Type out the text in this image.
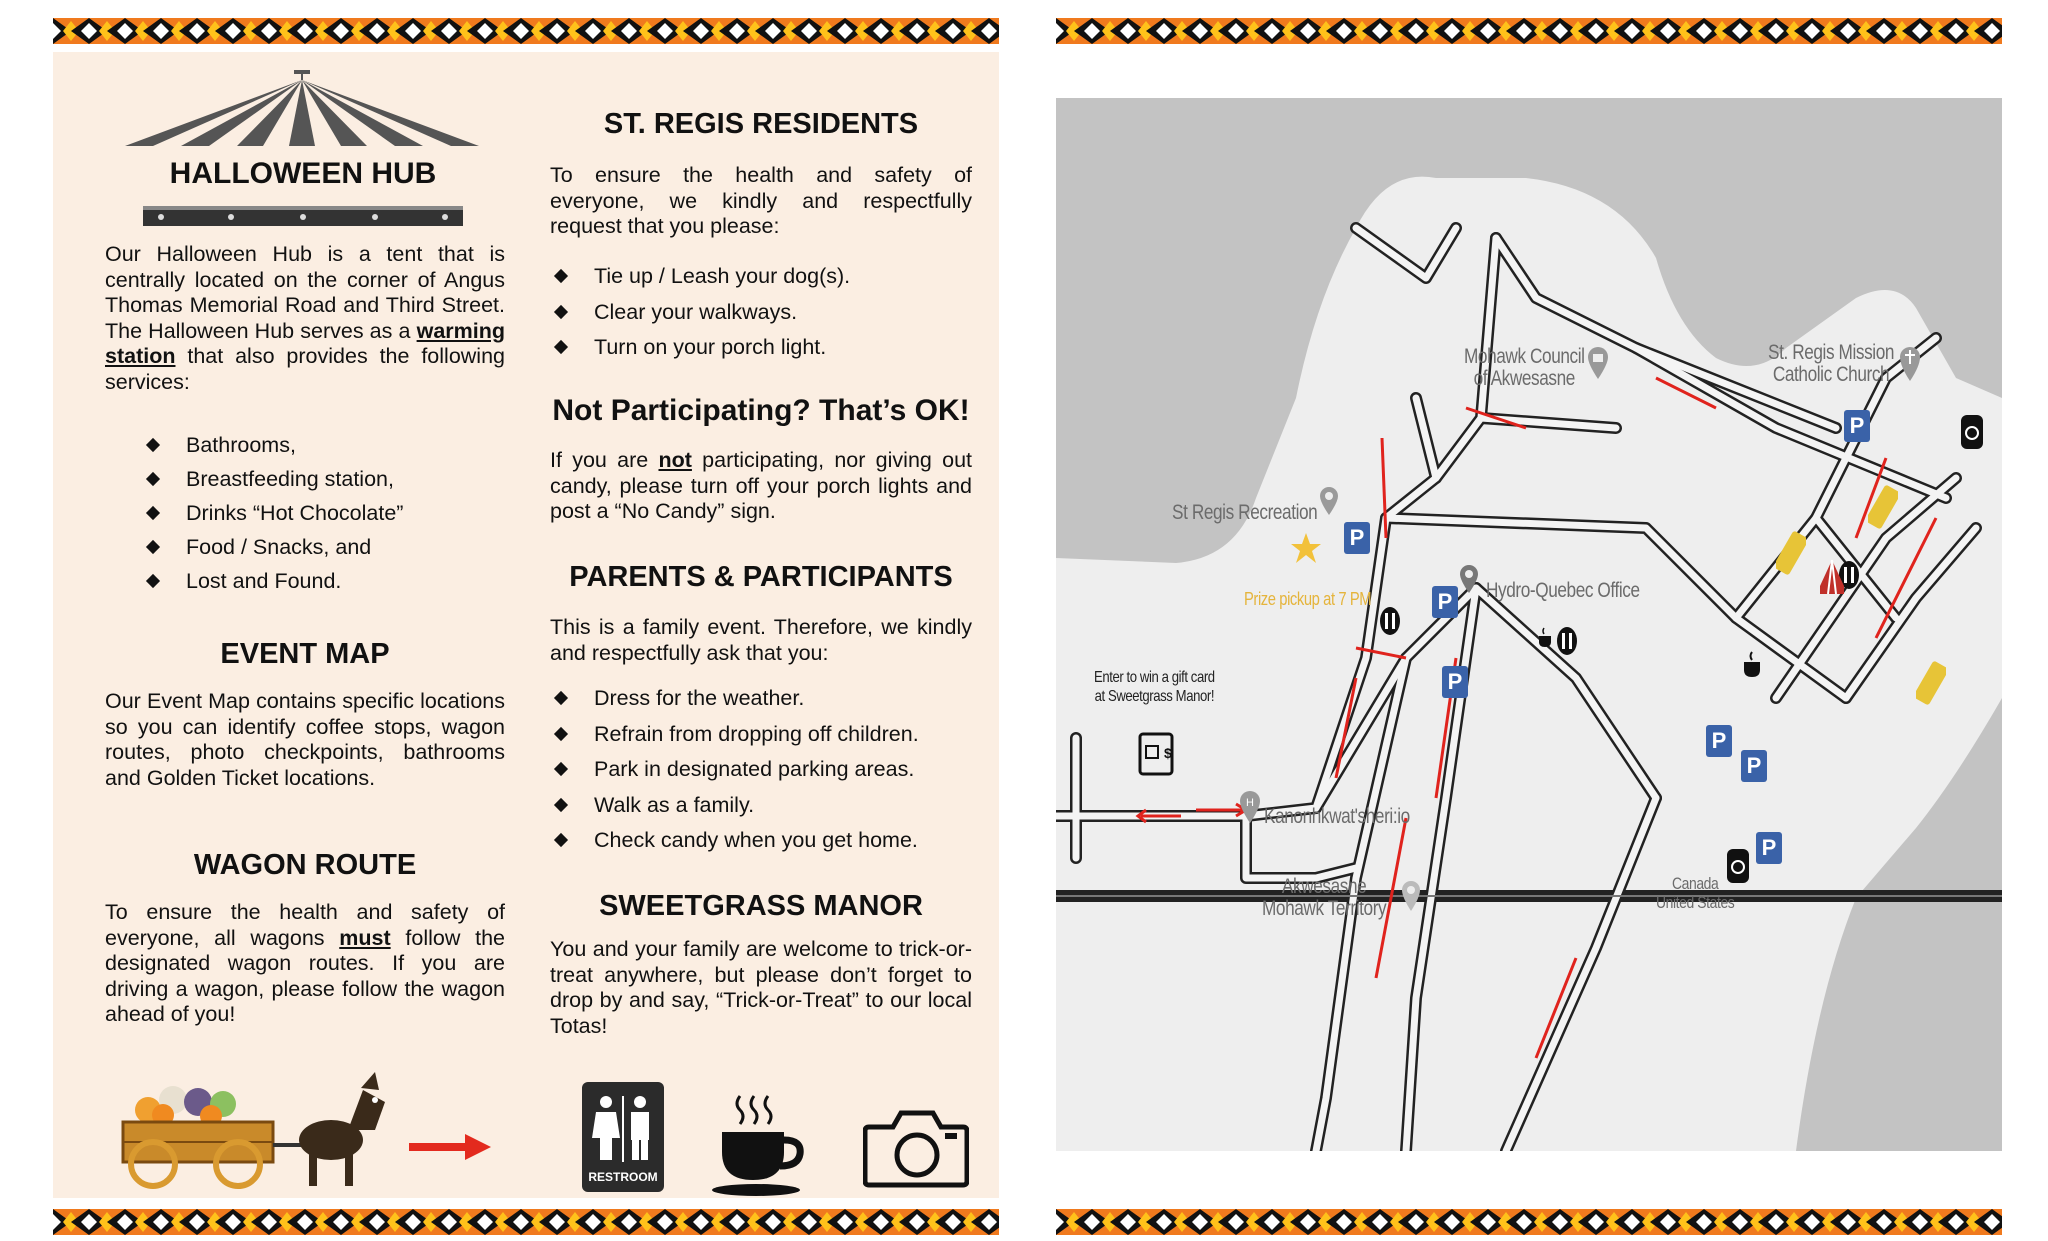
HALLOWEEN HUB

Our Halloween Hub is a tent that is centrally located on the corner of Angus Thomas Memorial Road and Third Street. The Halloween Hub serves as a warming station that also provides the following services:

Bathrooms,
Breastfeeding station,
Drinks “Hot Chocolate”
Food / Snacks, and
Lost and Found.
EVENT MAP

Our Event Map contains specific locations so you can identify coffee stops, wagon routes, photo checkpoints, bathrooms and Golden Ticket locations.

WAGON ROUTE

To ensure the health and safety of everyone, all wagons must follow the designated wagon routes. If you are driving a wagon, please follow the wagon ahead of you!

ST. REGIS RESIDENTS

To ensure the health and safety of everyone, we kindly and respectfully request that you please:

Tie up / Leash your dog(s).
Clear your walkways.
Turn on your porch light.
Not Participating? That’s OK!

If you are not participating, nor giving out candy, please turn off your porch lights and post a “No Candy” sign.

PARENTS & PARTICIPANTS

This is a family event. Therefore, we kindly and respectfully ask that you:

Dress for the weather.
Refrain from dropping off children.
Park in designated parking areas.
Walk as a family.
Check candy when you get home.
SWEETGRASS MANOR

You and your family are welcome to trick-or-treat anywhere, but please don’t forget to drop by and say, “Trick-or-Treat” to our local Totas!

RESTROOM
P
P
P
P
P
P
P
H
$
Mohawk Council
of Akwesasne
St. Regis Mission
Catholic Church
St Regis Recreation
Prize pickup at 7 PM	Hydro-Quebec Office
Enter to win a gift card
at Sweetgrass Manor!
Kanonhkwat'sheri:io
Akwesasne
Mohawk Territory
Canada
United States
